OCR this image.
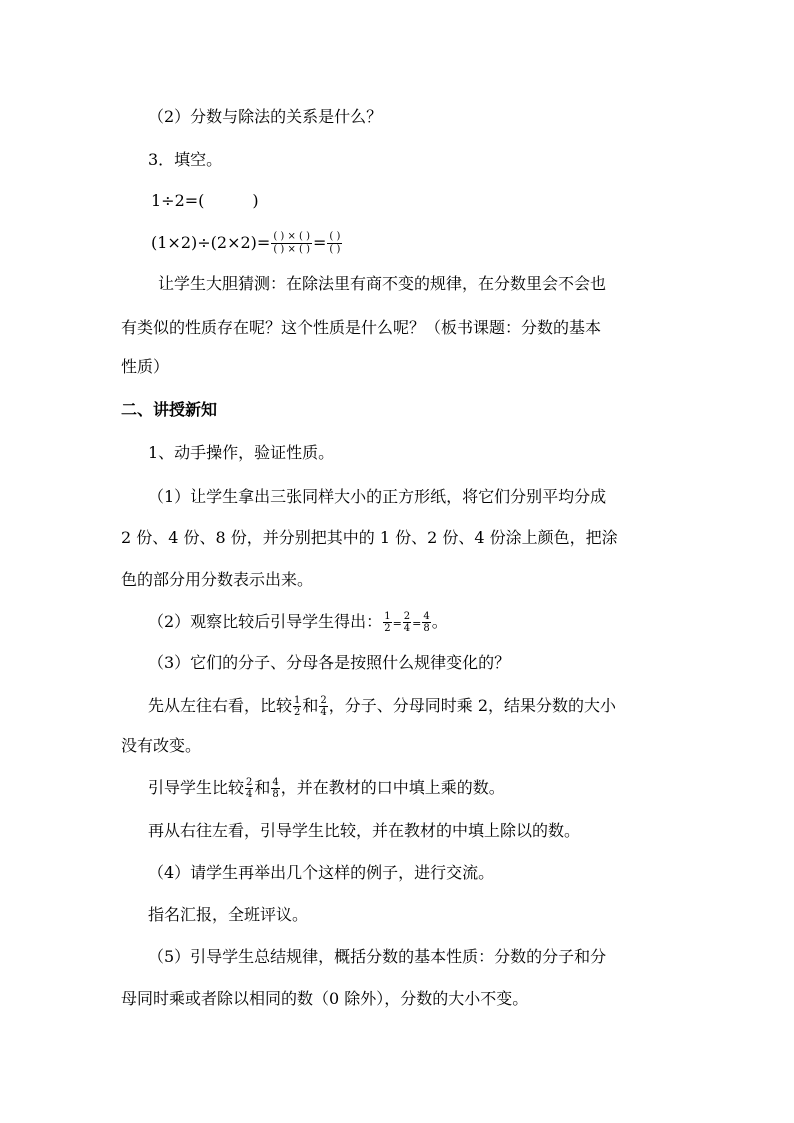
（2）分数与除法的关系是什么？
3．填空。
1÷2=(	)
$(1\times 2)\div(2\times 2)= \frac{( ) \times ( )}{( ) \times ( )} = \frac{( )}{( )}$
让学生大胆猜测：在除法里有商不变的规律，在分数里会不会也
有类似的性质存在呢？这个性质是什么呢？（板书课题：分数的基本
性质）
二、讲授新知
1、动手操作，验证性质。
（1）让学生拿出三张同样大小的正方形纸，将它们分别平均分成
2 份、4 份、8 份，并分别把其中的 1 份、2 份、4 份涂上颜色，把涂
色的部分用分数表示出来。
（2）观察比较后引导学生得出： $\frac{1}{2} = \frac{2}{4} = \frac{4}{8}$ 。
（3）它们的分子、分母各是按照什么规律变化的？
先从左往右看，比较 $\frac{1}{2}$ 和 $\frac{2}{4}$ ，分子、分母同时乘 2，结果分数的大小
没有改变。
引导学生比较 $\frac{2}{4}$ 和 $\frac{4}{8}$ ，并在教材的口中填上乘的数。
再从右往左看，引导学生比较，并在教材的中填上除以的数。
（4）请学生再举出几个这样的例子，进行交流。
指名汇报，全班评议。
（5）引导学生总结规律，概括分数的基本性质：分数的分子和分
母同时乘或者除以相同的数（0 除外），分数的大小不变。
